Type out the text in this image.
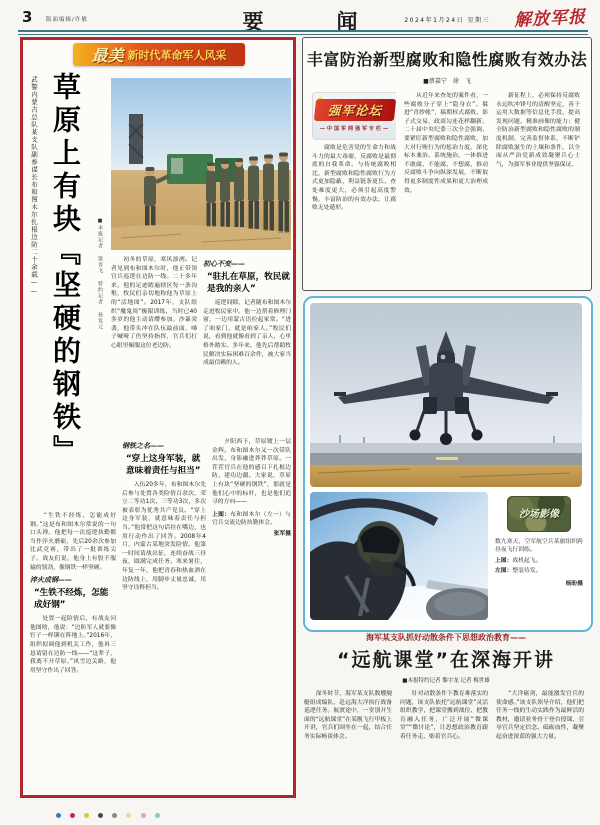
3 版面编辑/许敏	要　闻	2024年1月24日 星期三 解放军报
最美 新时代革命军人风采
武警内蒙古总队某支队副参谋长布和图木尔扎根边防二十余载—— 草原上有块『坚硬的钢铁』	■本报记者 梁晋飞 特约记者 孙发元 　　初冬的草原，寒风凛冽。记者见到布和图木尔时，他正带领官兵巡逻在边防一线。二十多年来，他的足迹踏遍辖区每一条沟壑，牧民们亲切地称他为草原上的“活地图”。2017年，支队组织“魔鬼周”极限训练，当时已40多岁的他主动请缨参加。沙暴突袭，他带头冲在队伍最前面，嗓子喊哑了仍坚持指挥，官兵们打心眼里佩服这位老边防。
初心不变——
“驻扎在草原，牧民就是我的亲人”
　　巡逻间隙，记者随布和图木尔走进牧民家中。他一边帮着修理门窗，一边用蒙古语拉起家常。“进了咱家门，就是咱家人。”牧民们说，看到他就像看到了亲人，心里格外踏实。多年来，他先后帮助牧民解决实际困难百余件，被大家当成最信赖的人。
　　“生铁不经炼，怎能成好钢。”这是布和图木尔常说的一句口头禅。他把每一次巡逻执勤都当作淬火磨砺，先后20余次参加比武竞赛，带出了一批训练尖子。战友们说，他身上有股不服输的韧劲，像钢铁一样坚硬。
淬火成钢——
“生铁不经炼，怎能成好钢”
　　处置一起险情后，有战友问他图啥，他说：“边防军人就要像钉子一样铆在阵地上。”2016年，组织拟调他到机关工作，他再三恳请留在边防一线——“这辈子，我离不开草原。”风雪边关路，他用坚守作出了回答。
钢铁之名——
“穿上这身军装，就意味着责任与担当”
　　入伍20多年，布和图木尔先后参与处置各类险情百余次，荣立二等功1次、三等功3次，多次被表彰为优秀共产党员。“穿上这身军装，就意味着责任与担当。”他常把这句话挂在嘴边，也用行动作出了回答。2008年4月，内蒙古某地突发险情，他第一时间请战出征，连续奋战三昼夜，圆满完成任务。寒来暑往，年复一年，他把青春和热血洒在边防线上，用脚步丈量忠诚，用坚守诠释担当。
　　夕阳西下，草原镀上一层金辉。布和图木尔又一次带队出发，身影融进莽莽草原。一茬茬官兵在他的感召下扎根边防、建功边疆。大家说，草原上有块“坚硬的钢铁”，那就是他们心中的标杆，也是他们追寻的方向——
上图：布和图木尔（左一）与官兵交流边防执勤体会。
张军摄
丰富防治新型腐败和隐性腐败有效办法
■蔡嘉宁　徐　飞
强军论坛
—中国军网强军专栏—
　　腐败是危害党的生命力和战斗力的最大毒瘤，反腐败是最彻底的自我革命。与传统腐败相比，新型腐败和隐性腐败行为方式更加隐蔽、利益链条更长、查处难度更大，必须引起高度警惕，丰富防治的有效办法，让腐败无处遁形。
　　从近年来查处的案件看，一些腐败分子穿上“隐身衣”、躲进“青纱帐”，搞期权式腐败、影子式交易，政商勾连花样翻新。二十届中央纪委三次全会强调，要紧盯新型腐败和隐性腐败，加大对行贿行为的惩治力度，深化标本兼治、系统施治，一体推进不敢腐、不能腐、不想腐，推动反腐败斗争向纵深发展，不断取得更多制度性成果和更大治理成效。
　　新征程上，必须保持反腐败永远吹冲锋号的清醒坚定，善于运用大数据等信息化手段，提高发现问题、精准画像的能力；健全防治新型腐败和隐性腐败的制度机制，完善监督体系，不断铲除腐败滋生的土壤和条件，以全面从严治党新成效凝聚兵心士气，为强军事业提供坚强保证。
沙场影像

数九寒天，空军航空兵某旅组织跨昼夜飞行训练。

上图：战机起飞。

左图：整装待发。

杨盼摄

海军某支队抓好动散条件下思想政治教育——
“远航课堂”在深海开讲
■本报特约记者 黎宇龙 记者 梅世雄
　　深冬时节，海军某支队数艘舰艇组成编队，赴远海大洋执行战备巡逻任务。航渡途中，一堂别开生面的“远航课堂”在某舰飞行甲板上开讲，官兵们围坐在一起，结合任务实际畅谈体会。
　　针对动散条件下教育难落实的问题，该支队依托“远航课堂”灵活组织教学，把课堂搬到战位、把教育融入任务，广泛开展“微课堂”“微讨论”，让思想政治教育跟着任务走、贴着官兵心。
　　“大洋砺剑，最能激发官兵的使命感。”该支队领导介绍，他们把任务一线的生动实践作为最鲜活的教材，邀请业务骨干登台授课，引导官兵坚定信念、砥砺血性，凝聚起奋进深蓝的强大力量。
